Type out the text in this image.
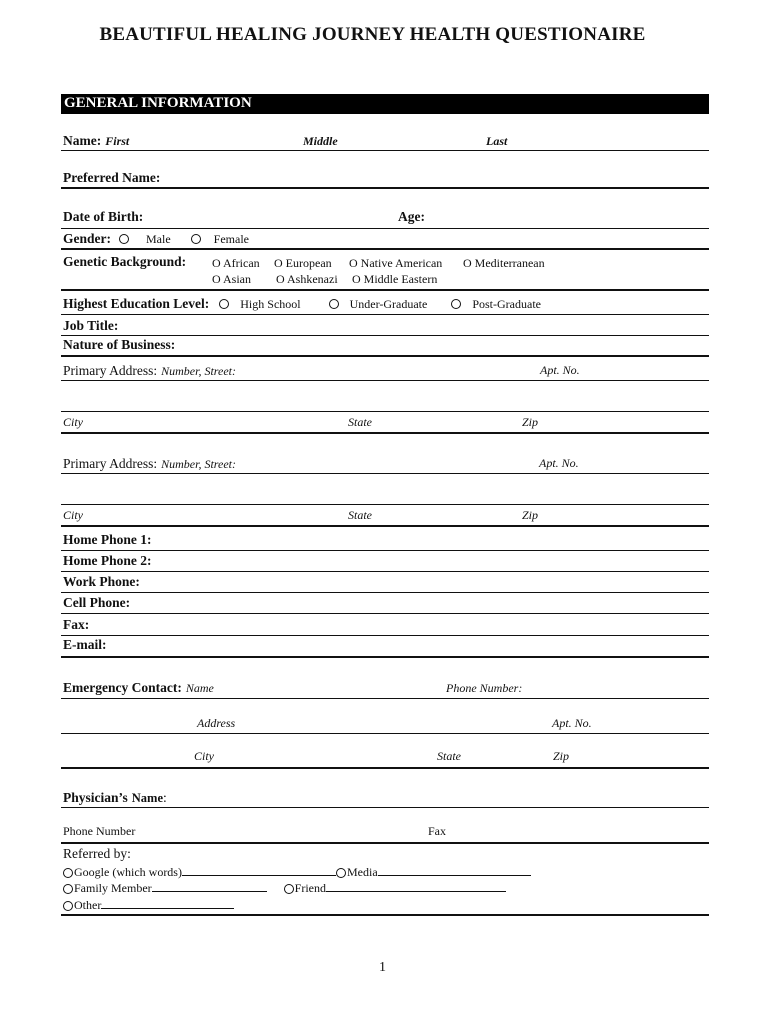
BEAUTIFUL HEALING JOURNEY HEALTH QUESTIONAIRE
GENERAL INFORMATION
Name: First	Middle	Last
Preferred Name:
Date of Birth:	Age:
Gender:	Male	Female
Genetic Background: O African O European O Native American O Mediterranean
O Asian O Ashkenazi O Middle Eastern
Highest Education Level:	High School	Under-Graduate	Post-Graduate
Job Title:
Nature of Business:
Primary Address: Number, Street:	Apt. No.
City	State	Zip
Primary Address: Number, Street:	Apt. No.
City	State	Zip
Home Phone 1:
Home Phone 2:
Work Phone:
Cell Phone:
Fax:
E-mail:
Emergency Contact: Name	Phone Number:
Address	Apt. No.
City	State	Zip
Physician’s Name:
Phone Number	Fax
Referred by:
Google (which words)	Media
Family Member	Friend
Other
1
